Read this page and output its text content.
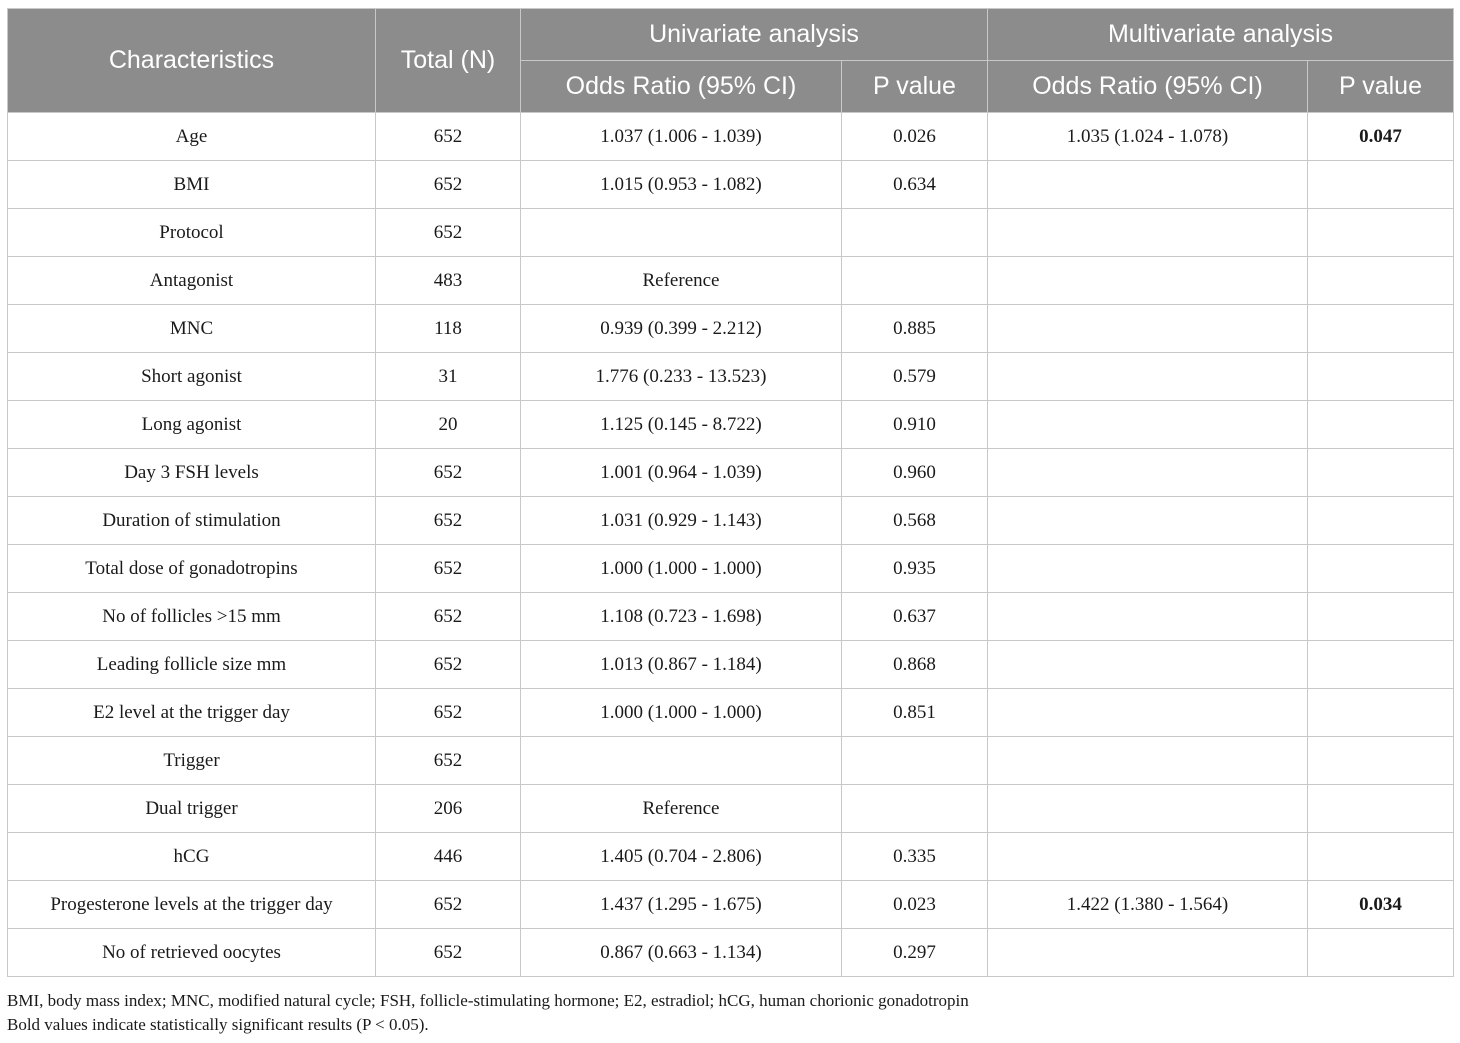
Characteristics	Total (N)	Univariate analysis		Multivariate analysis	
		Odds Ratio (95% CI)	P value	Odds Ratio (95% CI)	P value
Age	652	1.037 (1.006 - 1.039)	0.026	1.035 (1.024 - 1.078)	0.047
BMI	652	1.015 (0.953 - 1.082)	0.634		
Protocol	652				
Antagonist	483	Reference			
MNC	118	0.939 (0.399 - 2.212)	0.885		
Short agonist	31	1.776 (0.233 - 13.523)	0.579		
Long agonist	20	1.125 (0.145 - 8.722)	0.910		
Day 3 FSH levels	652	1.001 (0.964 - 1.039)	0.960		
Duration of stimulation	652	1.031 (0.929 - 1.143)	0.568		
Total dose of gonadotropins	652	1.000 (1.000 - 1.000)	0.935		
No of follicles >15 mm	652	1.108 (0.723 - 1.698)	0.637		
Leading follicle size mm	652	1.013 (0.867 - 1.184)	0.868		
E2 level at the trigger day	652	1.000 (1.000 - 1.000)	0.851		
Trigger	652				
Dual trigger	206	Reference			
hCG	446	1.405 (0.704 - 2.806)	0.335		
Progesterone levels at the trigger day	652	1.437 (1.295 - 1.675)	0.023	1.422 (1.380 - 1.564)	0.034
No of retrieved oocytes	652	0.867 (0.663 - 1.134)	0.297		
BMI, body mass index; MNC, modified natural cycle; FSH, follicle-stimulating hormone; E2, estradiol; hCG, human chorionic gonadotropin
Bold values indicate statistically significant results (P < 0.05).
